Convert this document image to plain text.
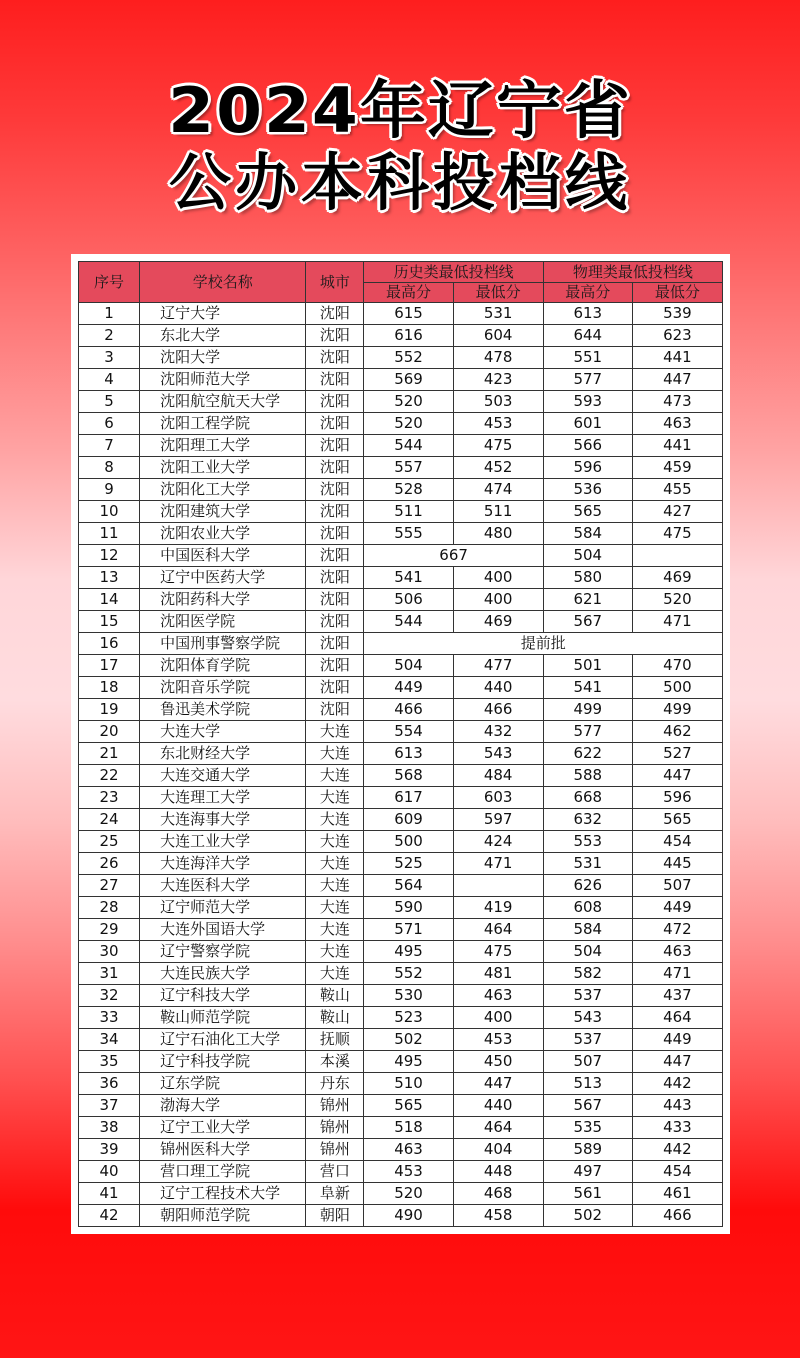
2024年辽宁省
公办本科投档线
序号	学校名称	城市	历史类最低投档线		物理类最低投档线	
			最高分	最低分	最高分	最低分
1	辽宁大学	沈阳	615	531	613	539
2	东北大学	沈阳	616	604	644	623
3	沈阳大学	沈阳	552	478	551	441
4	沈阳师范大学	沈阳	569	423	577	447
5	沈阳航空航天大学	沈阳	520	503	593	473
6	沈阳工程学院	沈阳	520	453	601	463
7	沈阳理工大学	沈阳	544	475	566	441
8	沈阳工业大学	沈阳	557	452	596	459
9	沈阳化工大学	沈阳	528	474	536	455
10	沈阳建筑大学	沈阳	511	511	565	427
11	沈阳农业大学	沈阳	555	480	584	475
12	中国医科大学	沈阳	667		504	
13	辽宁中医药大学	沈阳	541	400	580	469
14	沈阳药科大学	沈阳	506	400	621	520
15	沈阳医学院	沈阳	544	469	567	471
16	中国刑事警察学院	沈阳	提前批			
17	沈阳体育学院	沈阳	504	477	501	470
18	沈阳音乐学院	沈阳	449	440	541	500
19	鲁迅美术学院	沈阳	466	466	499	499
20	大连大学	大连	554	432	577	462
21	东北财经大学	大连	613	543	622	527
22	大连交通大学	大连	568	484	588	447
23	大连理工大学	大连	617	603	668	596
24	大连海事大学	大连	609	597	632	565
25	大连工业大学	大连	500	424	553	454
26	大连海洋大学	大连	525	471	531	445
27	大连医科大学	大连	564		626	507
28	辽宁师范大学	大连	590	419	608	449
29	大连外国语大学	大连	571	464	584	472
30	辽宁警察学院	大连	495	475	504	463
31	大连民族大学	大连	552	481	582	471
32	辽宁科技大学	鞍山	530	463	537	437
33	鞍山师范学院	鞍山	523	400	543	464
34	辽宁石油化工大学	抚顺	502	453	537	449
35	辽宁科技学院	本溪	495	450	507	447
36	辽东学院	丹东	510	447	513	442
37	渤海大学	锦州	565	440	567	443
38	辽宁工业大学	锦州	518	464	535	433
39	锦州医科大学	锦州	463	404	589	442
40	营口理工学院	营口	453	448	497	454
41	辽宁工程技术大学	阜新	520	468	561	461
42	朝阳师范学院	朝阳	490	458	502	466
